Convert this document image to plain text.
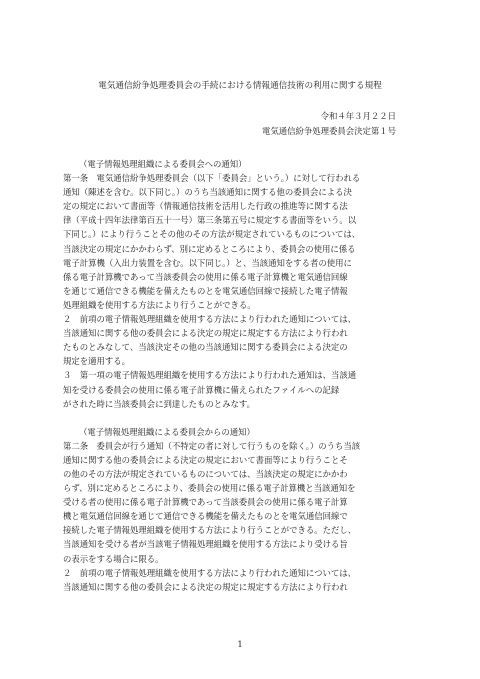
電気通信紛争処理委員会の手続における情報通信技術の利用に関する規程
令和４年３月２２日
電気通信紛争処理委員会決定第１号
（電子情報処理組織による委員会への通知）
第一条　電気通信紛争処理委員会（以下「委員会」という。）に対して行われる
通知（陳述を含む。以下同じ。）のうち当該通知に関する他の委員会による決
定の規定において書面等（情報通信技術を活用した行政の推進等に関する法
律（平成十四年法律第百五十一号）第三条第五号に規定する書面等をいう。以
下同じ。）により行うことその他のその方法が規定されているものについては、
当該決定の規定にかかわらず、別に定めるところにより、委員会の使用に係る
電子計算機（入出力装置を含む。以下同じ。）と、当該通知をする者の使用に
係る電子計算機であって当該委員会の使用に係る電子計算機と電気通信回線
を通じて通信できる機能を備えたものとを電気通信回線で接続した電子情報
処理組織を使用する方法により行うことができる。
２　前項の電子情報処理組織を使用する方法により行われた通知については、
当該通知に関する他の委員会による決定の規定に規定する方法により行われ
たものとみなして、当該決定その他の当該通知に関する委員会による決定の
規定を適用する。
３　第一項の電子情報処理組織を使用する方法により行われた通知は、当該通
知を受ける委員会の使用に係る電子計算機に備えられたファイルへの記録
がされた時に当該委員会に到達したものとみなす。
（電子情報処理組織による委員会からの通知）
第二条　委員会が行う通知（不特定の者に対して行うものを除く。）のうち当該
通知に関する他の委員会による決定の規定において書面等により行うことそ
の他のその方法が規定されているものについては、当該決定の規定にかかわ
らず、別に定めるところにより、委員会の使用に係る電子計算機と当該通知を
受ける者の使用に係る電子計算機であって当該委員会の使用に係る電子計算
機と電気通信回線を通じて通信できる機能を備えたものとを電気通信回線で
接続した電子情報処理組織を使用する方法により行うことができる。ただし、
当該通知を受ける者が当該電子情報処理組織を使用する方法により受ける旨
の表示をする場合に限る。
２　前項の電子情報処理組織を使用する方法により行われた通知については、
当該通知に関する他の委員会による決定の規定に規定する方法により行われ
1
